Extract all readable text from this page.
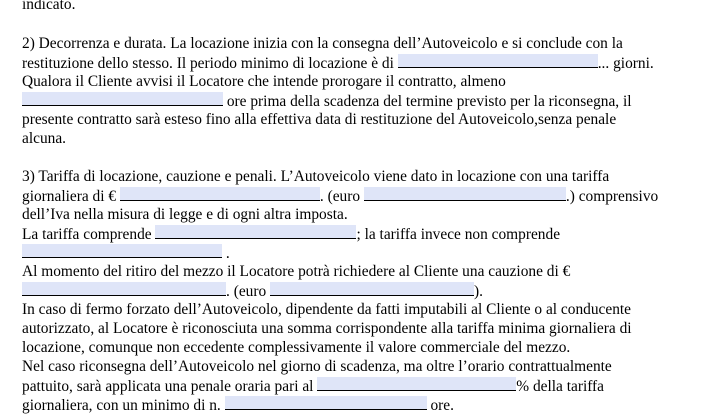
indicato.
2) Decorrenza e durata. La locazione inizia con la consegna dell’Autoveicolo e si conclude con la
restituzione dello stesso. Il periodo minimo di locazione è di	... giorni.
Qualora il Cliente avvisi il Locatore che intende prorogare il contratto, almeno
ore prima della scadenza del termine previsto per la riconsegna, il
presente contratto sarà esteso fino alla effettiva data di restituzione del Autoveicolo,senza penale
alcuna.
3) Tariffa di locazione, cauzione e penali. L’Autoveicolo viene dato in locazione con una tariffa
giornaliera di €	. (euro	.) comprensivo
dell’Iva nella misura di legge e di ogni altra imposta.
La tariffa comprende	; la tariffa invece non comprende
.
Al momento del ritiro del mezzo il Locatore potrà richiedere al Cliente una cauzione di €
. (euro	).
In caso di fermo forzato dell’Autoveicolo, dipendente da fatti imputabili al Cliente o al conducente
autorizzato, al Locatore è riconosciuta una somma corrispondente alla tariffa minima giornaliera di
locazione, comunque non eccedente complessivamente il valore commerciale del mezzo.
Nel caso riconsegna dell’Autoveicolo nel giorno di scadenza, ma oltre l’orario contrattualmente
pattuito, sarà applicata una penale oraria pari al	% della tariffa
giornaliera, con un minimo di n.	ore.
